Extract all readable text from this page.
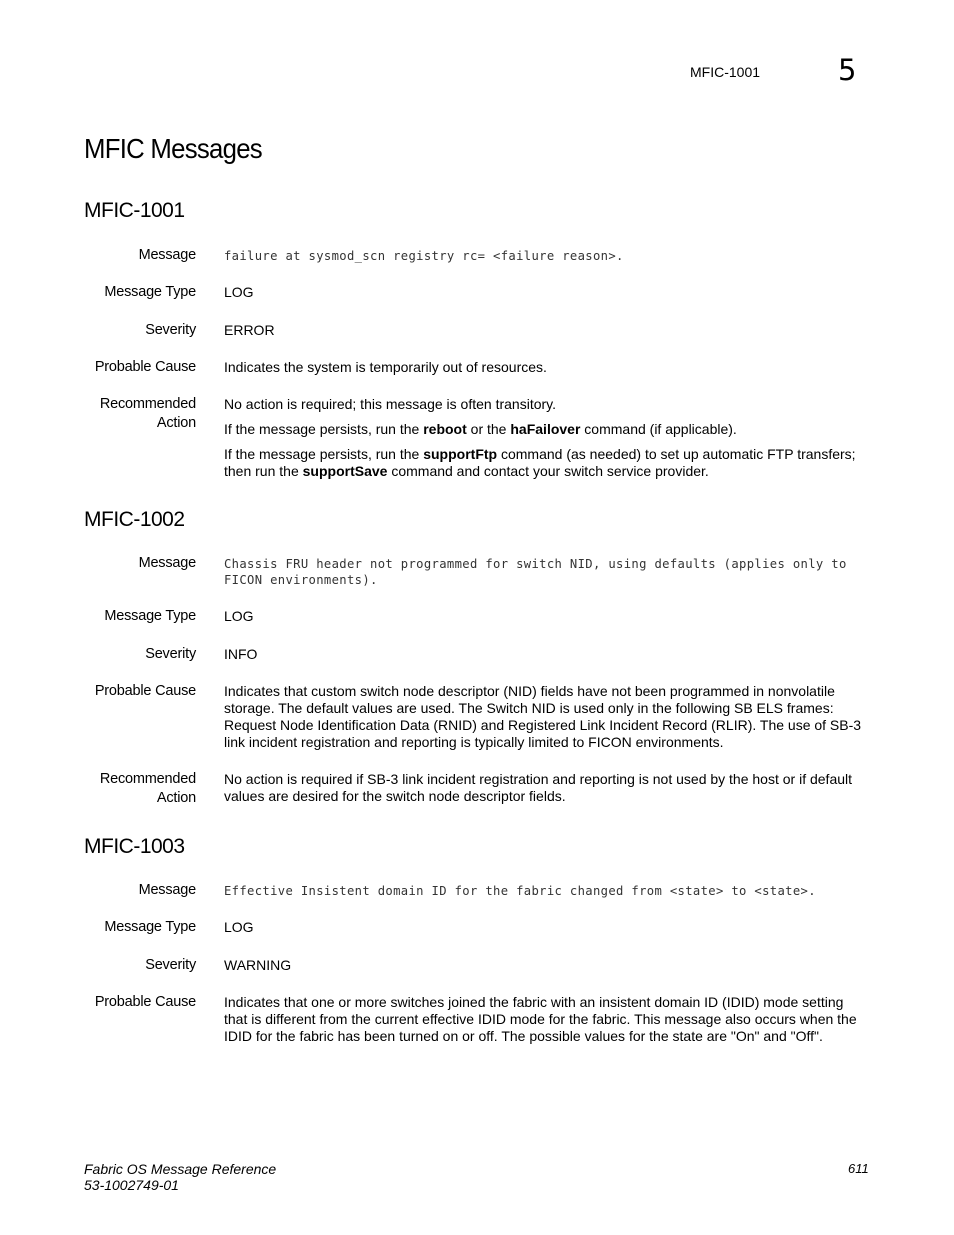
MFIC-1001	5
MFIC Messages
MFIC-1001
Message failure at sysmod_scn registry rc= <failure reason>.
Message Type LOG
Severity ERROR
Probable Cause Indicates the system is temporarily out of resources.
Recommended
Action

No action is required; this message is often transitory.

If the message persists, run the reboot or the haFailover command (if applicable).

If the message persists, run the supportFtp command (as needed) to set up automatic FTP transfers; then run the supportSave command and contact your switch service provider.

MFIC-1002
Message Chassis FRU header not programmed for switch NID, using defaults (applies only to FICON environments).
Message Type LOG
Severity INFO
Probable Cause Indicates that custom switch node descriptor (NID) fields have not been programmed in nonvolatile storage. The default values are used. The Switch NID is used only in the following SB ELS frames: Request Node Identification Data (RNID) and Registered Link Incident Record (RLIR). The use of SB-3 link incident registration and reporting is typically limited to FICON environments.
Recommended
Action
No action is required if SB-3 link incident registration and reporting is not used by the host or if default values are desired for the switch node descriptor fields.
MFIC-1003
Message Effective Insistent domain ID for the fabric changed from <state> to <state>.
Message Type LOG
Severity WARNING
Probable Cause Indicates that one or more switches joined the fabric with an insistent domain ID (IDID) mode setting that is different from the current effective IDID mode for the fabric. This message also occurs when the IDID for the fabric has been turned on or off. The possible values for the state are "On" and "Off".
Fabric OS Message Reference
53-1002749-01
611
